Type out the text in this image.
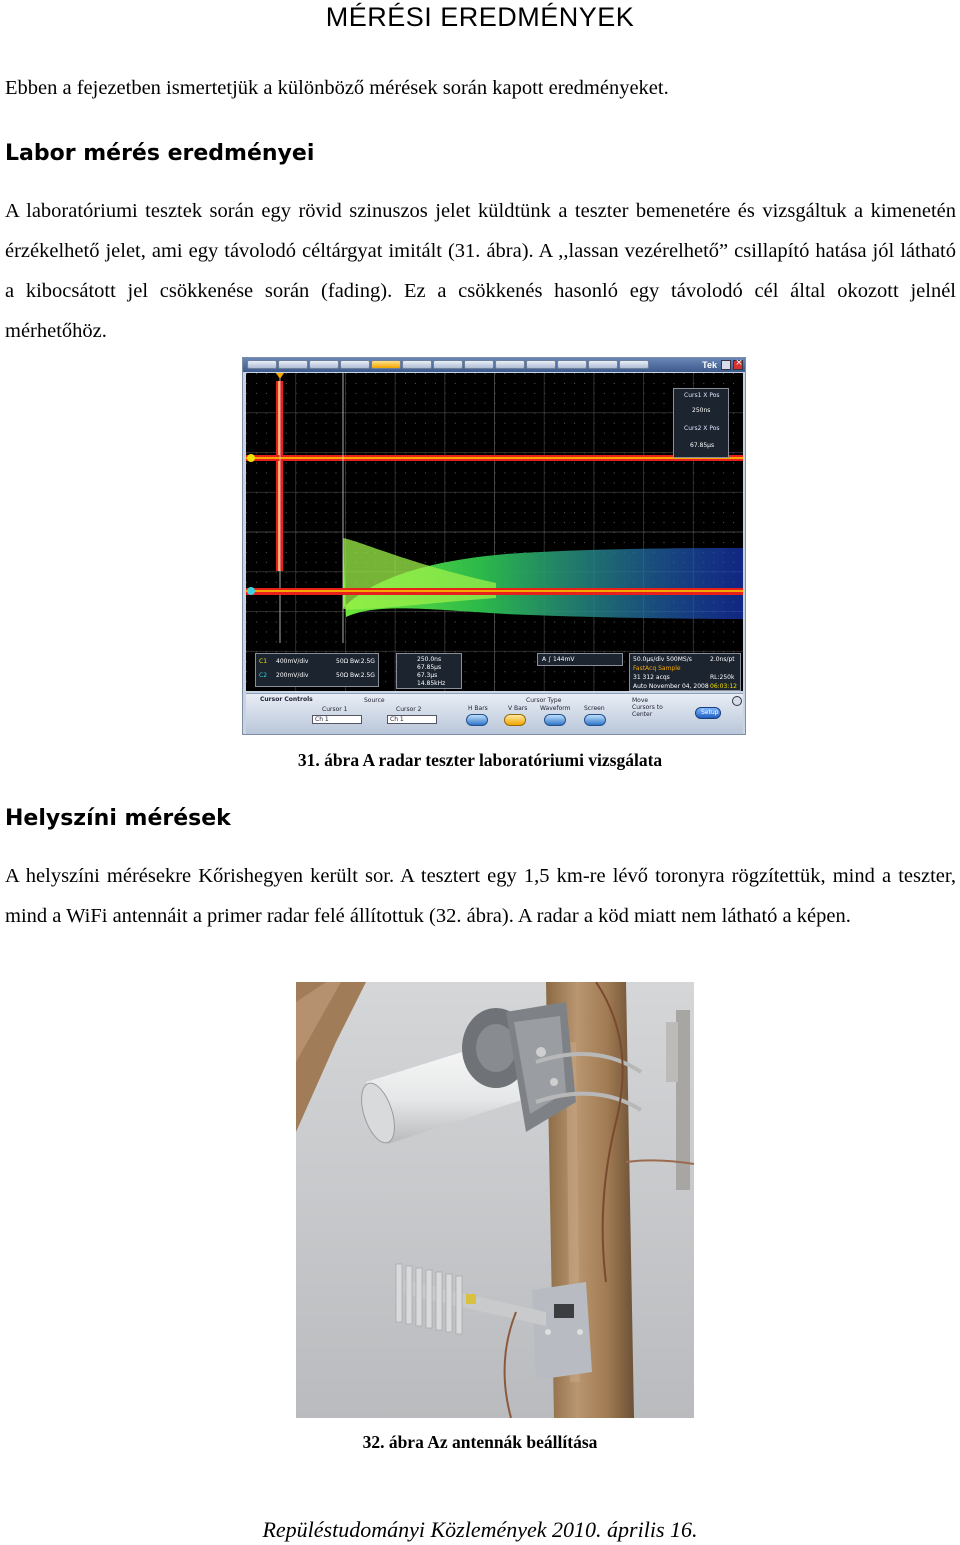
MÉRÉSI EREDMÉNYEK

Ebben a fejezetben ismertetjük a különböző mérések során kapott eredményeket.

Labor mérés eredményei

A laboratóriumi tesztek során egy rövid szinuszos jelet küldtünk a teszter bemenetére és vizsgáltuk a kimenetén érzékelhető jelet, ami egy távolodó céltárgyat imitált (31. ábra). A ,,lassan vezérelhető” csillapító hatása jól látható a kibocsátott jel csökkenése során (fading). Ez a csökkenés hasonló egy távolodó cél által okozott jelnél mérhetőhöz.

Tek ×
Curs1 X Pos
250ns
Curs2 X Pos
67.85μs
C1 400mV/div	50Ω Bw:2.5G
C2 200mV/div	50Ω Bw:2.5G
250.0ns
67.85μs
67.3μs
14.85kHz
A ∫ 144mV	50.0μs/div 500MS/s
FastAcq Sample
31 312 acqs
Auto November 04, 2008
2.0ns/pt
RL:250k
06:03:12
Cursor Controls	Source
Cursor 1	Cursor 2
Ch 1	Ch 1
Cursor Type
H Bars	V Bars Waveform Screen
Move Cursors to Center	Setup
31. ábra A radar teszter laboratóriumi vizsgálata
Helyszíni mérések

A helyszíni mérésekre Kőrishegyen került sor. A tesztert egy 1,5 km-re lévő toronyra rögzítettük, mind a teszter, mind a WiFi antennáit a primer radar felé állítottuk (32. ábra). A radar a köd miatt nem látható a képen.

32. ábra Az antennák beállítása
Repüléstudományi Közlemények 2010. április 16.
